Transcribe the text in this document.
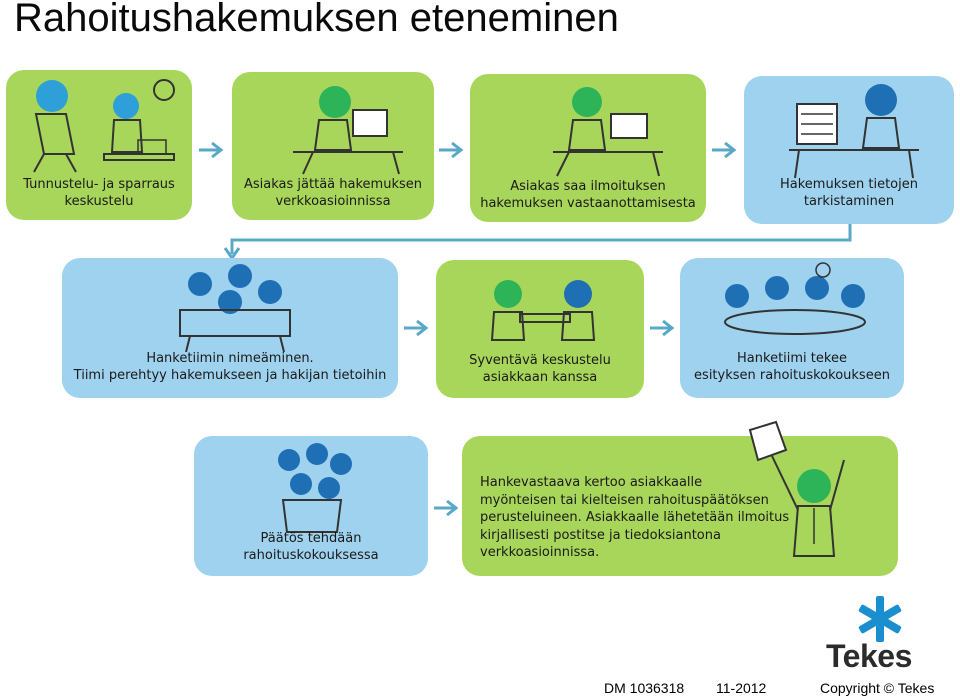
Rahoitushakemuksen eteneminen
Tunnustelu- ja sparraus
keskustelu
Asiakas jättää hakemuksen
verkkoasioinnissa
Asiakas saa ilmoituksen
hakemuksen vastaanottamisesta
Hakemuksen tietojen
tarkistaminen
Hanketiimin nimeäminen.
Tiimi perehtyy hakemukseen ja hakijan tietoihin
Syventävä keskustelu
asiakkaan kanssa
Hanketiimi tekee
esityksen rahoituskokoukseen
Päätös tehdään
rahoituskokouksessa
Hankevastaava kertoo asiakkaalle
myönteisen tai kielteisen rahoituspäätöksen
perusteluineen. Asiakkaalle lähetetään ilmoitus
kirjallisesti postitse ja tiedoksiantona
verkkoasioinnissa.
Tekes
DM 1036318 11-2012	Copyright © Tekes
